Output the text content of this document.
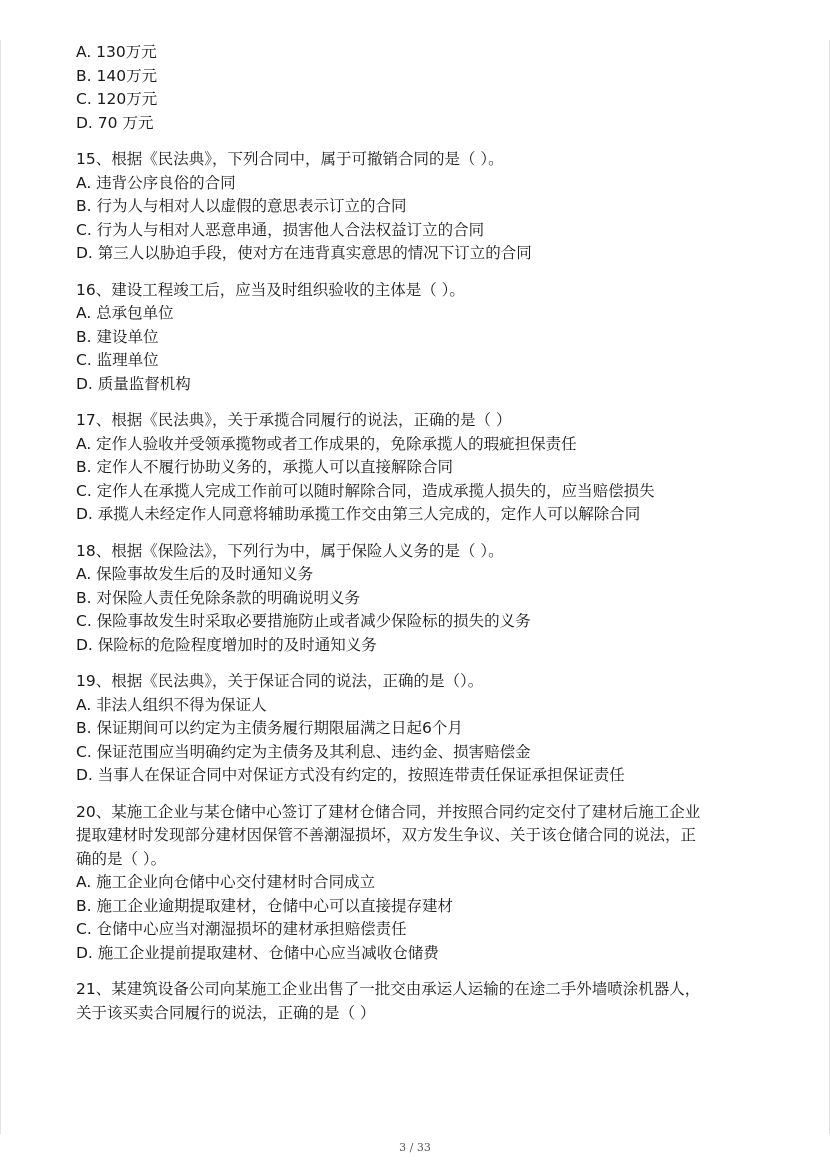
A. 130万元
B. 140万元
C. 120万元
D. 70 万元
15、根据《民法典》，下列合同中，属于可撤销合同的是（ ）。
A. 违背公序良俗的合同
B. 行为人与相对人以虚假的意思表示订立的合同
C. 行为人与相对人恶意串通，损害他人合法权益订立的合同
D. 第三人以胁迫手段，使对方在违背真实意思的情况下订立的合同
16、建设工程竣工后，应当及时组织验收的主体是（ ）。
A. 总承包单位
B. 建设单位
C. 监理单位
D. 质量监督机构
17、根据《民法典》，关于承揽合同履行的说法，正确的是（ ）
A. 定作人验收并受领承揽物或者工作成果的，免除承揽人的瑕疵担保责任
B. 定作人不履行协助义务的，承揽人可以直接解除合同
C. 定作人在承揽人完成工作前可以随时解除合同，造成承揽人损失的，应当赔偿损失
D. 承揽人未经定作人同意将辅助承揽工作交由第三人完成的，定作人可以解除合同
18、根据《保险法》，下列行为中，属于保险人义务的是（ ）。
A. 保险事故发生后的及时通知义务
B. 对保险人责任免除条款的明确说明义务
C. 保险事故发生时采取必要措施防止或者减少保险标的损失的义务
D. 保险标的危险程度增加时的及时通知义务
19、根据《民法典》，关于保证合同的说法，正确的是（）。
A. 非法人组织不得为保证人
B. 保证期间可以约定为主债务履行期限届满之日起6个月
C. 保证范围应当明确约定为主债务及其利息、违约金、损害赔偿金
D. 当事人在保证合同中对保证方式没有约定的，按照连带责任保证承担保证责任
20、某施工企业与某仓储中心签订了建材仓储合同，并按照合同约定交付了建材后施工企业
提取建材时发现部分建材因保管不善潮湿损坏，双方发生争议、关于该仓储合同的说法，正
确的是（ ）。
A. 施工企业向仓储中心交付建材时合同成立
B. 施工企业逾期提取建材，仓储中心可以直接提存建材
C. 仓储中心应当对潮湿损坏的建材承担赔偿责任
D. 施工企业提前提取建材、仓储中心应当减收仓储费
21、某建筑设备公司向某施工企业出售了一批交由承运人运输的在途二手外墙喷涂机器人，
关于该买卖合同履行的说法，正确的是（ ）
3 / 33
